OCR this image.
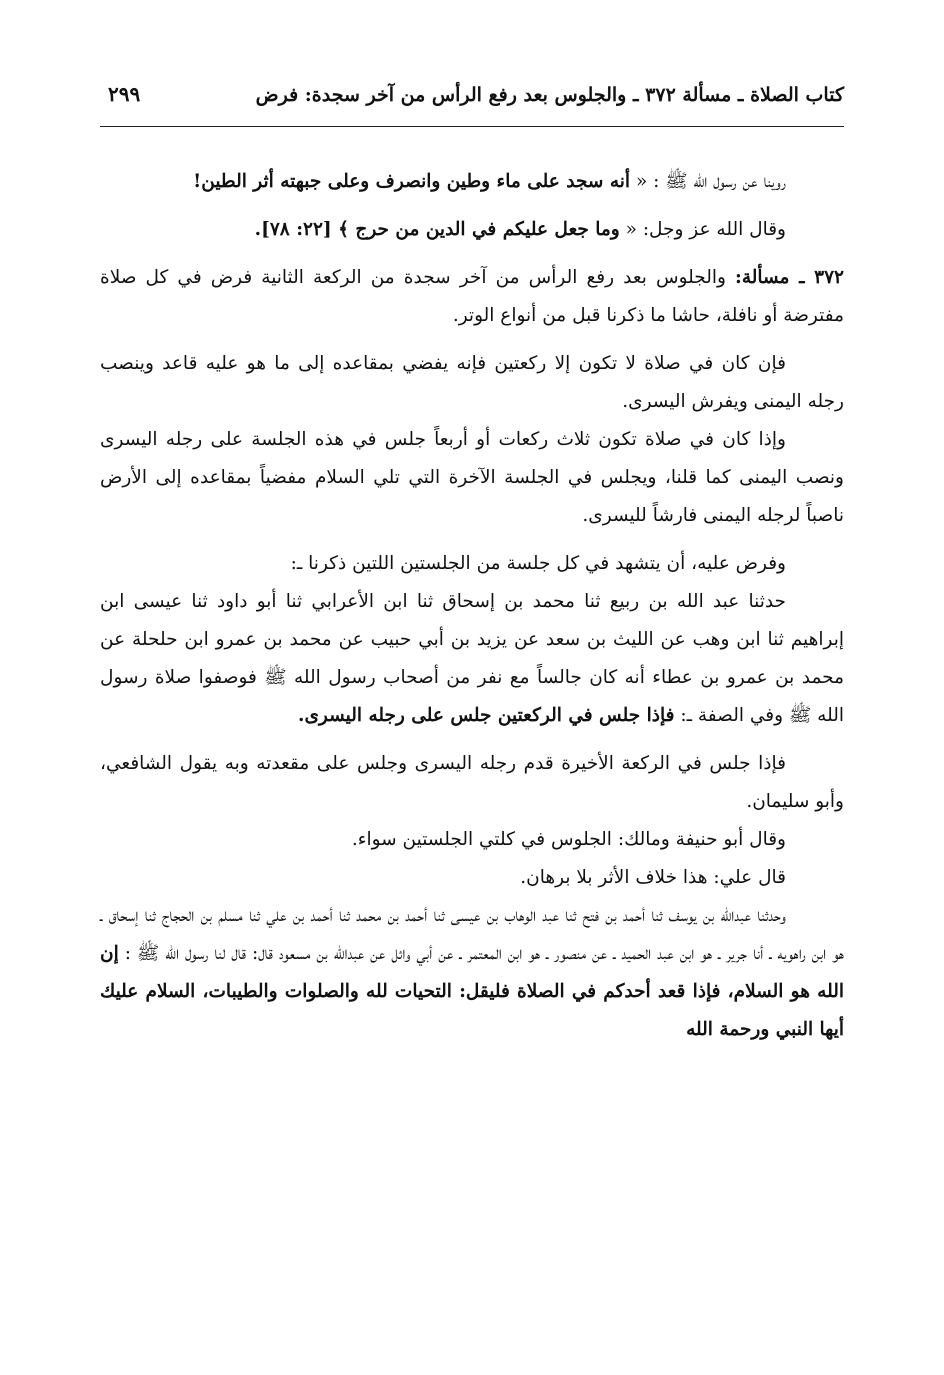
كتاب الصلاة ـ مسألة ٣٧٢ ـ والجلوس بعد رفع الرأس من آخر سجدة: فرض
٢٩٩

روينا عن رسول الله ﷺ : « أنه سجد على ماء وطين وانصرف وعلى جبهته أثر الطين!

وقال الله عز وجل: « وما جعل عليكم في الدين من حرج ﴾ [٢٢: ٧٨].

٣٧٢ ـ مسألة: والجلوس بعد رفع الرأس من آخر سجدة من الركعة الثانية فرض في كل صلاة مفترضة أو نافلة، حاشا ما ذكرنا قبل من أنواع الوتر.

فإن كان في صلاة لا تكون إلا ركعتين فإنه يفضي بمقاعده إلى ما هو عليه قاعد وينصب رجله اليمنى ويفرش اليسرى.

وإذا كان في صلاة تكون ثلاث ركعات أو أربعاً جلس في هذه الجلسة على رجله اليسرى ونصب اليمنى كما قلنا، ويجلس في الجلسة الآخرة التي تلي السلام مفضياً بمقاعده إلى الأرض ناصباً لرجله اليمنى فارشاً لليسرى.

وفرض عليه، أن يتشهد في كل جلسة من الجلستين اللتين ذكرنا ـ:

حدثنا عبد الله بن ربيع ثنا محمد بن إسحاق ثنا ابن الأعرابي ثنا أبو داود ثنا عيسى ابن إبراهيم ثنا ابن وهب عن الليث بن سعد عن يزيد بن أبي حبيب عن محمد بن عمرو ابن حلحلة عن محمد بن عمرو بن عطاء أنه كان جالساً مع نفر من أصحاب رسول الله ﷺ فوصفوا صلاة رسول الله ﷺ وفي الصفة ـ: فإذا جلس في الركعتين جلس على رجله اليسرى.

فإذا جلس في الركعة الأخيرة قدم رجله اليسرى وجلس على مقعدته وبه يقول الشافعي، وأبو سليمان.

وقال أبو حنيفة ومالك: الجلوس في كلتي الجلستين سواء.

قال علي: هذا خلاف الأثر بلا برهان.

وحدثنا عبدالله بن يوسف ثنا أحمد بن فتح ثنا عبد الوهاب بن عيسى ثنا أحمد بن محمد ثنا أحمد بن علي ثنا مسلم بن الحجاج ثنا إسحاق ـ هو ابن راهويه ـ أنا جرير ـ هو ابن عبد الحميد ـ عن منصور ـ هو ابن المعتمر ـ عن أبي وائل عن عبدالله بن مسعود قال: قال لنا رسول الله ﷺ : إن الله هو السلام، فإذا قعد أحدكم في الصلاة فليقل: التحيات لله والصلوات والطيبات، السلام عليك أيها النبي ورحمة الله
